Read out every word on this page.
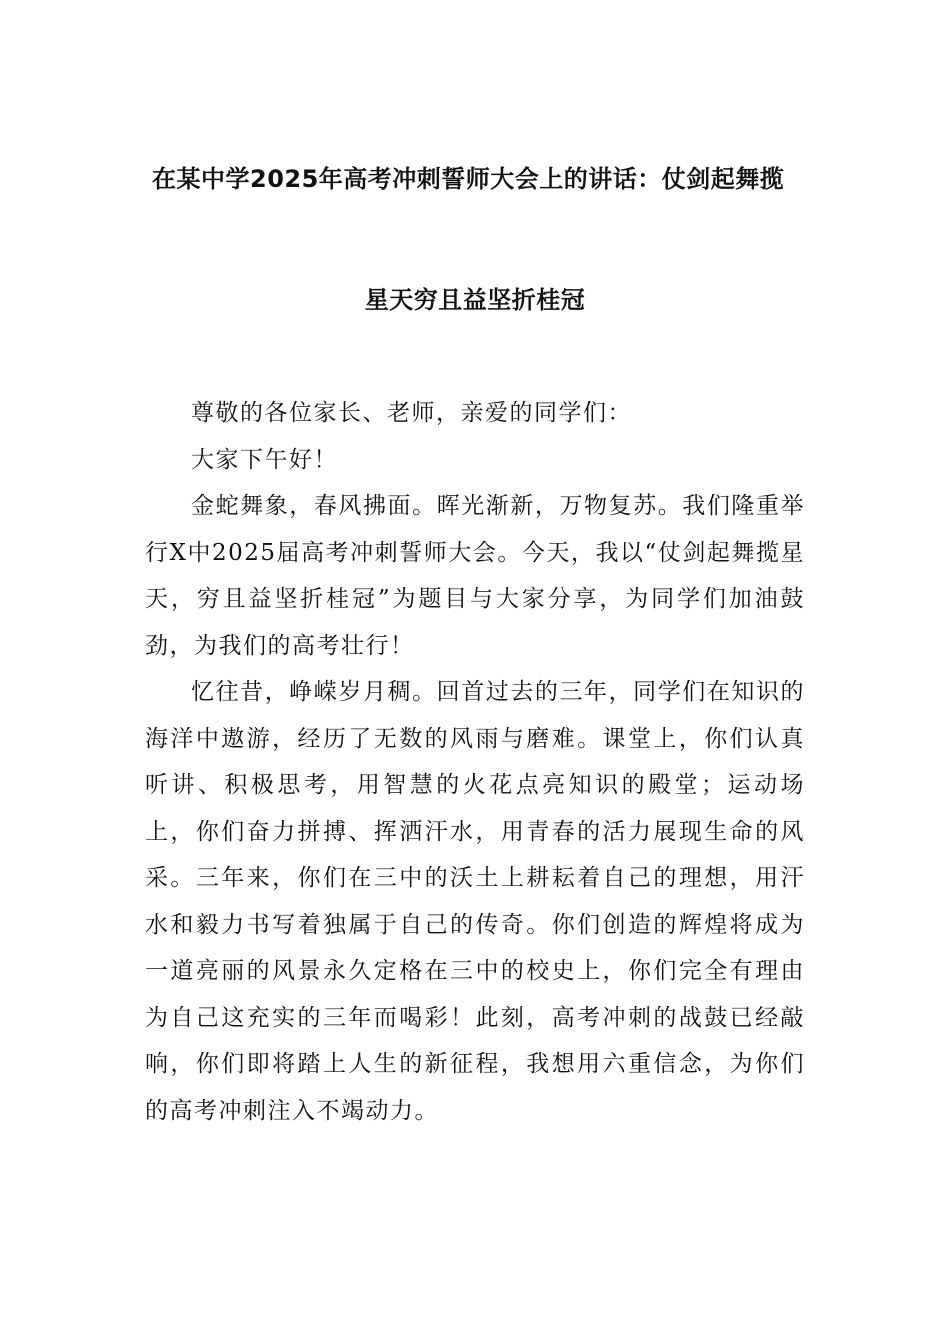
在某中学2025年高考冲刺誓师大会上的讲话：仗剑起舞揽
星天穷且益坚折桂冠

尊敬的各位家长、老师，亲爱的同学们：

大家下午好！

金蛇舞象，春风拂面。晖光渐新，万物复苏。我们隆重举行X中2025届高考冲刺誓师大会。今天，我以“仗剑起舞揽星天，穷且益坚折桂冠”为题目与大家分享，为同学们加油鼓劲，为我们的高考壮行！

忆往昔，峥嵘岁月稠。回首过去的三年，同学们在知识的海洋中遨游，经历了无数的风雨与磨难。课堂上，你们认真听讲、积极思考，用智慧的火花点亮知识的殿堂；运动场上，你们奋力拼搏、挥洒汗水，用青春的活力展现生命的风采。三年来，你们在三中的沃土上耕耘着自己的理想，用汗水和毅力书写着独属于自己的传奇。你们创造的辉煌将成为一道亮丽的风景永久定格在三中的校史上，你们完全有理由为自己这充实的三年而喝彩！此刻，高考冲刺的战鼓已经敲响，你们即将踏上人生的新征程，我想用六重信念，为你们的高考冲刺注入不竭动力。
